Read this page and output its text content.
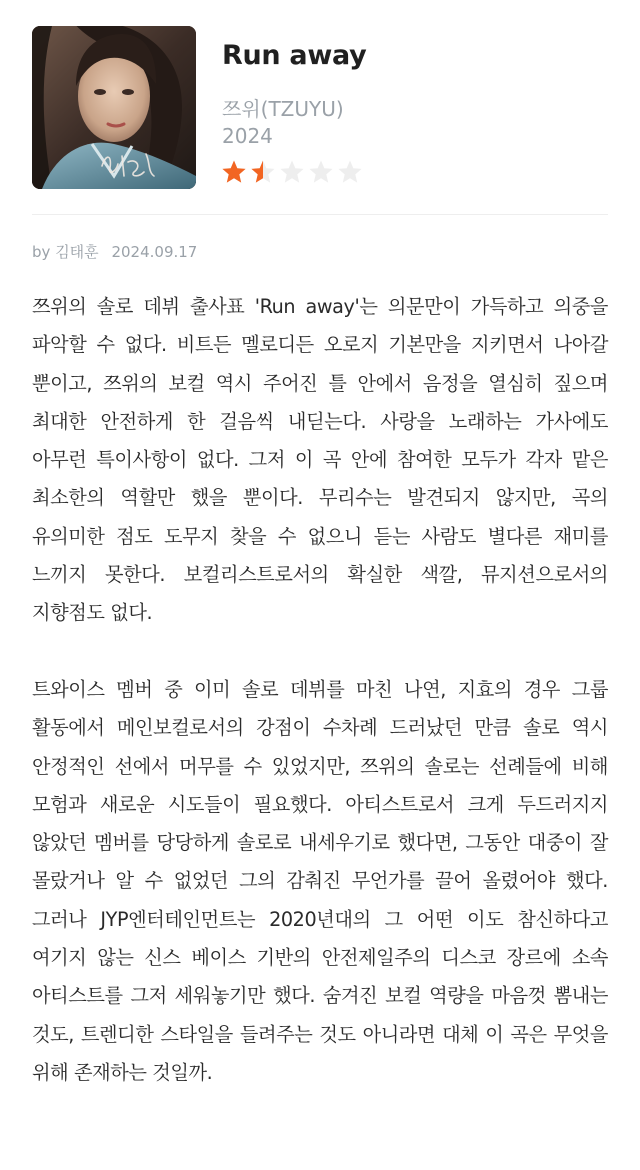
Run away
쯔위(TZUYU)
2024
by 김태훈 2024.09.17

쯔위의 솔로 데뷔 출사표 'Run away'는 의문만이 가득하고 의중을 파악할 수 없다. 비트든 멜로디든 오로지 기본만을 지키면서 나아갈 뿐이고, 쯔위의 보컬 역시 주어진 틀 안에서 음정을 열심히 짚으며 최대한 안전하게 한 걸음씩 내딛는다. 사랑을 노래하는 가사에도 아무런 특이사항이 없다. 그저 이 곡 안에 참여한 모두가 각자 맡은 최소한의 역할만 했을 뿐이다. 무리수는 발견되지 않지만, 곡의 유의미한 점도 도무지 찾을 수 없으니 듣는 사람도 별다른 재미를 느끼지 못한다. 보컬리스트로서의 확실한 색깔, 뮤지션으로서의 지향점도 없다.

트와이스 멤버 중 이미 솔로 데뷔를 마친 나연, 지효의 경우 그룹 활동에서 메인보컬로서의 강점이 수차례 드러났던 만큼 솔로 역시 안정적인 선에서 머무를 수 있었지만, 쯔위의 솔로는 선례들에 비해 모험과 새로운 시도들이 필요했다. 아티스트로서 크게 두드러지지 않았던 멤버를 당당하게 솔로로 내세우기로 했다면, 그동안 대중이 잘 몰랐거나 알 수 없었던 그의 감춰진 무언가를 끌어 올렸어야 했다. 그러나 JYP엔터테인먼트는 2020년대의 그 어떤 이도 참신하다고 여기지 않는 신스 베이스 기반의 안전제일주의 디스코 장르에 소속 아티스트를 그저 세워놓기만 했다. 숨겨진 보컬 역량을 마음껏 뽐내는 것도, 트렌디한 스타일을 들려주는 것도 아니라면 대체 이 곡은 무엇을 위해 존재하는 것일까.
